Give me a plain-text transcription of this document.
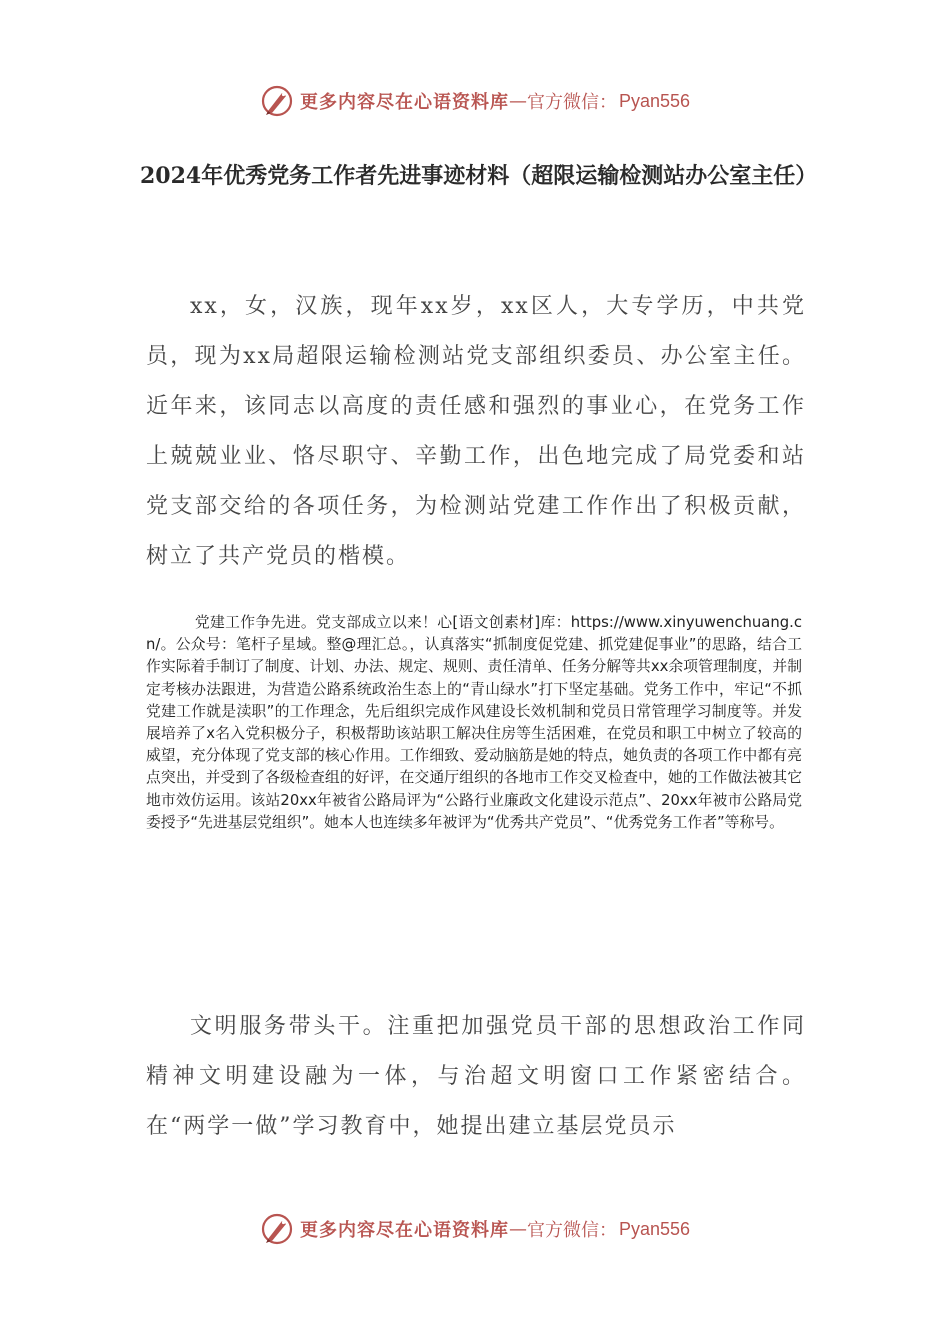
更多内容尽在心语资料库 — 官方微信： Pyan556
2024年优秀党务工作者先进事迹材料（超限运输检测站办公室主任）

xx，女，汉族，现年xx岁，xx区人，大专学历，中共党员，现为xx局超限运输检测站党支部组织委员、办公室主任。近年来，该同志以高度的责任感和强烈的事业心，在党务工作上兢兢业业、恪尽职守、辛勤工作，出色地完成了局党委和站党支部交给的各项任务，为检测站党建工作作出了积极贡献，树立了共产党员的楷模。

党建工作争先进。党支部成立以来！心[语文创素材]库：https://www.xinyuwenchuang.cn/。公众号：笔杆子星域。整@理汇总。，认真落实“抓制度促党建、抓党建促事业”的思路，结合工作实际着手制订了制度、计划、办法、规定、规则、责任清单、任务分解等共xx余项管理制度，并制定考核办法跟进，为营造公路系统政治生态上的“青山绿水”打下坚定基础。党务工作中，牢记“不抓党建工作就是渎职”的工作理念，先后组织完成作风建设长效机制和党员日常管理学习制度等。并发展培养了x名入党积极分子，积极帮助该站职工解决住房等生活困难，在党员和职工中树立了较高的威望，充分体现了党支部的核心作用。工作细致、爱动脑筋是她的特点，她负责的各项工作中都有亮点突出，并受到了各级检查组的好评，在交通厅组织的各地市工作交叉检查中，她的工作做法被其它地市效仿运用。该站20xx年被省公路局评为“公路行业廉政文化建设示范点”、20xx年被市公路局党委授予“先进基层党组织”。她本人也连续多年被评为“优秀共产党员”、“优秀党务工作者”等称号。

文明服务带头干。注重把加强党员干部的思想政治工作同精神文明建设融为一体，与治超文明窗口工作紧密结合。在“两学一做”学习教育中，她提出建立基层党员示

更多内容尽在心语资料库 — 官方微信： Pyan556
